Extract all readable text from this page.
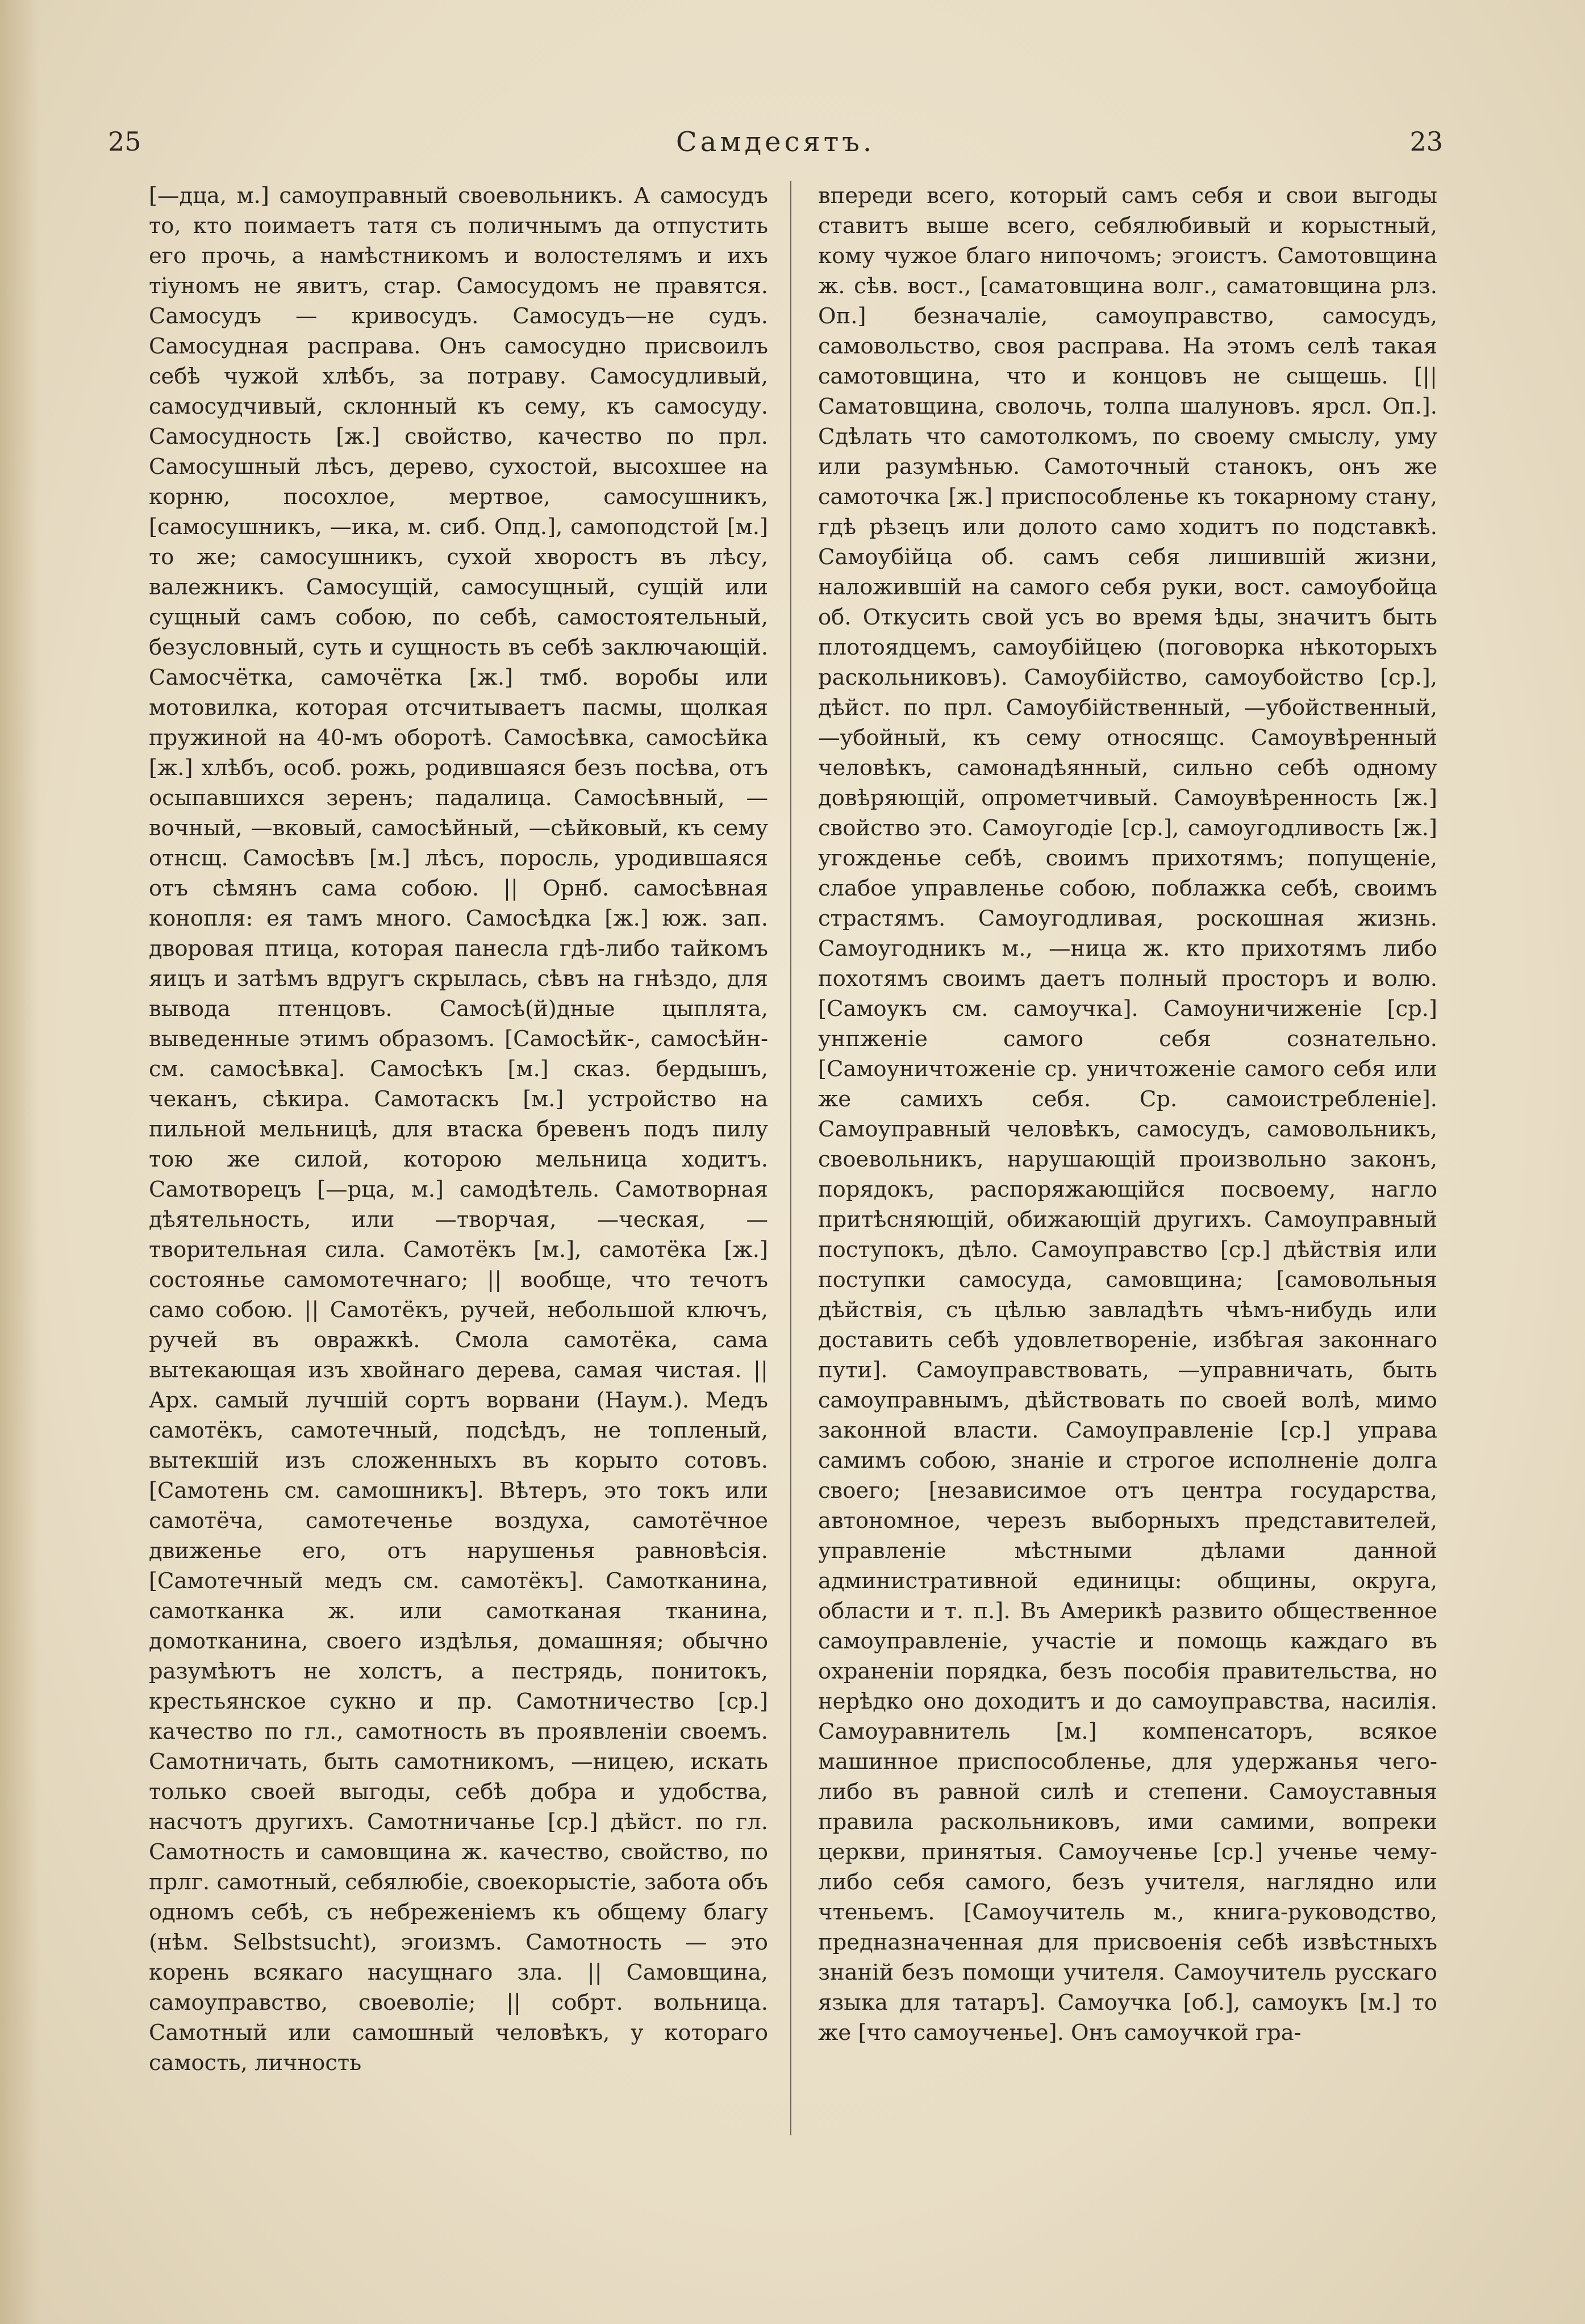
25	Самдесятъ.	23

[—дца, м.] самоуправный своевольникъ. А самосудъ то, кто поимаетъ татя съ поличнымъ да отпустить его прочь, а намѣстникомъ и волостелямъ и ихъ тіуномъ не явитъ, стар. Самосудомъ не правятся. Самосудъ — кривосудъ. Самосудъ—не судъ. Самосудная расправа. Онъ самосудно присвоилъ себѣ чужой хлѣбъ, за потраву. Самосудливый, самосудчивый, склонный къ сему, къ самосуду. Самосудность [ж.] свойство, качество по прл. Самосушный лѣсъ, дерево, сухостой, высохшее на корню, посохлое, мертвое, самосушникъ, [самосушникъ, —ика, м. сиб. Опд.], самоподстой [м.] то же; самосушникъ, сухой хворостъ въ лѣсу, валежникъ. Самосущій, самосущный, сущій или сущный самъ собою, по себѣ, самостоятельный, безусловный, суть и сущность въ себѣ заключающій. Самосчётка, самочётка [ж.] тмб. воробы или мотовилка, которая отсчитываетъ пасмы, щолкая пружиной на 40-мъ оборотѣ. Самосѣвка, самосѣйка [ж.] хлѣбъ, особ. рожь, родившаяся безъ посѣва, отъ осыпавшихся зеренъ; падалица. Самосѣвный, —вочный, —вковый, самосѣйный, —сѣйковый, къ сему отнсщ. Самосѣвъ [м.] лѣсъ, поросль, уродившаяся отъ сѣмянъ сама собою. || Орнб. самосѣвная конопля: ея тамъ много. Самосѣдка [ж.] юж. зап. дворовая птица, которая панесла гдѣ-либо тайкомъ яицъ и затѣмъ вдругъ скрылась, сѣвъ на гнѣздо, для вывода птенцовъ. Самосѣ(й)дные цыплята, выведенные этимъ образомъ. [Самосѣйк-, самосѣйн- см. самосѣвка]. Самосѣкъ [м.] сказ. бердышъ, чеканъ, сѣкира. Самотаскъ [м.] устройство на пильной мельницѣ, для втаска бревенъ подъ пилу тою же силой, которою мельница ходитъ. Самотворецъ [—рца, м.] самодѣтель. Самотворная дѣятельность, или —творчая, —ческая, —творительная сила. Самотёкъ [м.], самотёка [ж.] состоянье самомотечнаго; || вообще, что течотъ само собою. || Самотёкъ, ручей, небольшой ключъ, ручей въ овражкѣ. Смола самотёка, сама вытекающая изъ хвойнаго дерева, самая чистая. || Арх. самый лучшій сортъ ворвани (Наум.). Медъ самотёкъ, самотечный, подсѣдъ, не топленый, вытекшій изъ сложенныхъ въ корыто сотовъ. [Самотень см. самошникъ]. Вѣтеръ, это токъ или самотёча, самотеченье воздуха, самотёчное движенье его, отъ нарушенья равновѣсія. [Самотечный медъ см. самотёкъ]. Самотканина, самотканка ж. или самотканая тканина, домотканина, своего издѣлья, домашняя; обычно разумѣютъ не холстъ, а пестрядь, понитокъ, крестьянское сукно и пр. Самотничество [ср.] качество по гл., самотность въ проявленіи своемъ. Самотничать, быть самотникомъ, —ницею, искать только своей выгоды, себѣ добра и удобства, насчотъ другихъ. Самотничанье [ср.] дѣйст. по гл. Самотность и самовщина ж. качество, свойство, по прлг. самотный, себялюбіе, своекорыстіе, забота объ одномъ себѣ, съ небреженіемъ къ общему благу (нѣм. Selbstsucht), эгоизмъ. Самотность — это корень всякаго насущнаго зла. || Самовщина, самоуправство, своеволіе; || собрт. вольница. Самотный или самошный человѣкъ, у котораго самость, личность

впереди всего, который самъ себя и свои выгоды ставитъ выше всего, себялюбивый и корыстный, кому чужое благо нипочомъ; эгоистъ. Самотовщина ж. сѣв. вост., [саматовщина волг., саматовщина рлз. Оп.] безначаліе, самоуправство, самосудъ, самовольство, своя расправа. На этомъ селѣ такая самотовщина, что и концовъ не сыщешь. [|| Саматовщина, сволочь, толпа шалуновъ. ярсл. Оп.]. Сдѣлать что самотолкомъ, по своему смыслу, уму или разумѣнью. Самоточный станокъ, онъ же самоточка [ж.] приспособленье къ токарному стану, гдѣ рѣзецъ или долото само ходитъ по подставкѣ. Самоубійца об. самъ себя лишившій жизни, наложившій на самого себя руки, вост. самоубойца об. Откусить свой усъ во время ѣды, значитъ быть плотоядцемъ, самоубійцею (поговорка нѣкоторыхъ раскольниковъ). Самоубійство, самоубойство [ср.], дѣйст. по прл. Самоубійственный, —убойственный, —убойный, къ сему относящс. Самоувѣренный человѣкъ, самонадѣянный, сильно себѣ одному довѣряющій, опрометчивый. Самоувѣренность [ж.] свойство это. Самоугодіе [ср.], самоугодливость [ж.] угожденье себѣ, своимъ прихотямъ; попущеніе, слабое управленье собою, поблажка себѣ, своимъ страстямъ. Самоугодливая, роскошная жизнь. Самоугодникъ м., —ница ж. кто прихотямъ либо похотямъ своимъ даетъ полный просторъ и волю. [Самоукъ см. самоучка]. Самоуничиженіе [ср.] унпженіе самого себя сознательно. [Самоуничтоженіе ср. уничтоженіе самого себя или же самихъ себя. Ср. самоистребленіе]. Самоуправный человѣкъ, самосудъ, самовольникъ, своевольникъ, нарушающій произвольно законъ, порядокъ, распоряжающійся посвоему, нагло притѣсняющій, обижающій другихъ. Самоуправный поступокъ, дѣло. Самоуправство [ср.] дѣйствія или поступки самосуда, самовщина; [самовольныя дѣйствія, съ цѣлью завладѣть чѣмъ-нибудь или доставить себѣ удовлетвореніе, избѣгая законнаго пути]. Самоуправствовать, —управничать, быть самоуправнымъ, дѣйствовать по своей волѣ, мимо законной власти. Самоуправленіе [ср.] управа самимъ собою, знаніе и строгое исполненіе долга своего; [независимое отъ центра государства, автономное, черезъ выборныхъ представителей, управленіе мѣстными дѣлами данной административной единицы: общины, округа, области и т. п.]. Въ Америкѣ развито общественное самоуправленіе, участіе и помощь каждаго въ охраненіи порядка, безъ пособія правительства, но нерѣдко оно доходитъ и до самоуправства, насилія. Самоуравнитель [м.] компенсаторъ, всякое машинное приспособленье, для удержанья чего-либо въ равной силѣ и степени. Самоуставныя правила раскольниковъ, ими самими, вопреки церкви, принятыя. Самоученье [ср.] ученье чему-либо себя самого, безъ учителя, наглядно или чтеньемъ. [Самоучитель м., книга-руководство, предназначенная для присвоенія себѣ извѣстныхъ знаній безъ помощи учителя. Самоучитель русскаго языка для татаръ]. Самоучка [об.], самоукъ [м.] то же [что самоученье]. Онъ самоучкой гра-
